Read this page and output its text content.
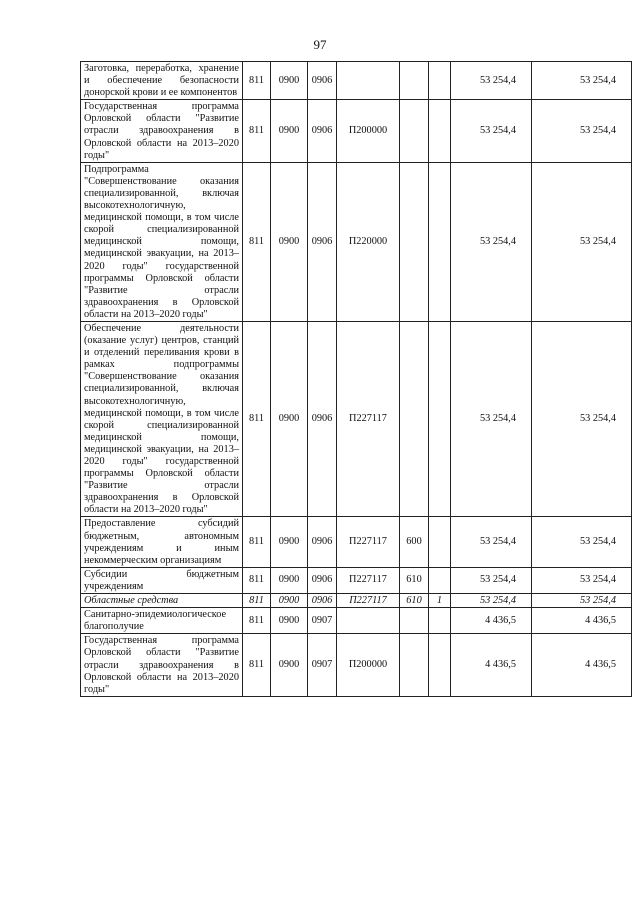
97
Заготовка, переработка, хранение и обеспечение безопасности донорской крови и ее компонентов	811	0900	0906				53 254,4	53 254,4
Государственная программа Орловской области "Развитие отрасли здравоохранения в Орловской области на 2013–2020 годы"	811	0900	0906	П200000			53 254,4	53 254,4
Подпрограмма "Совершенствование оказания специализированной, включая высокотехнологичную, медицинской помощи, в том числе скорой специализированной медицинской помощи, медицинской эвакуации, на 2013–2020 годы" государственной программы Орловской области "Развитие отрасли здравоохранения в Орловской области на 2013–2020 годы"	811	0900	0906	П220000			53 254,4	53 254,4
Обеспечение деятельности (оказание услуг) центров, станций и отделений переливания крови в рамках подпрограммы "Совершенствование оказания специализированной, включая высокотехнологичную, медицинской помощи, в том числе скорой специализированной медицинской помощи, медицинской эвакуации, на 2013–2020 годы" государственной программы Орловской области "Развитие отрасли здравоохранения в Орловской области на 2013–2020 годы"	811	0900	0906	П227117			53 254,4	53 254,4
Предоставление субсидий бюджетным, автономным учреждениям и иным некоммерческим организациям	811	0900	0906	П227117	600		53 254,4	53 254,4
Субсидии бюджетным учреждениям	811	0900	0906	П227117	610		53 254,4	53 254,4
Областные средства	811	0900	0906	П227117	610	1	53 254,4	53 254,4
Санитарно-эпидемиологическое благополучие	811	0900	0907				4 436,5	4 436,5
Государственная программа Орловской области "Развитие отрасли здравоохранения в Орловской области на 2013–2020 годы"	811	0900	0907	П200000			4 436,5	4 436,5
